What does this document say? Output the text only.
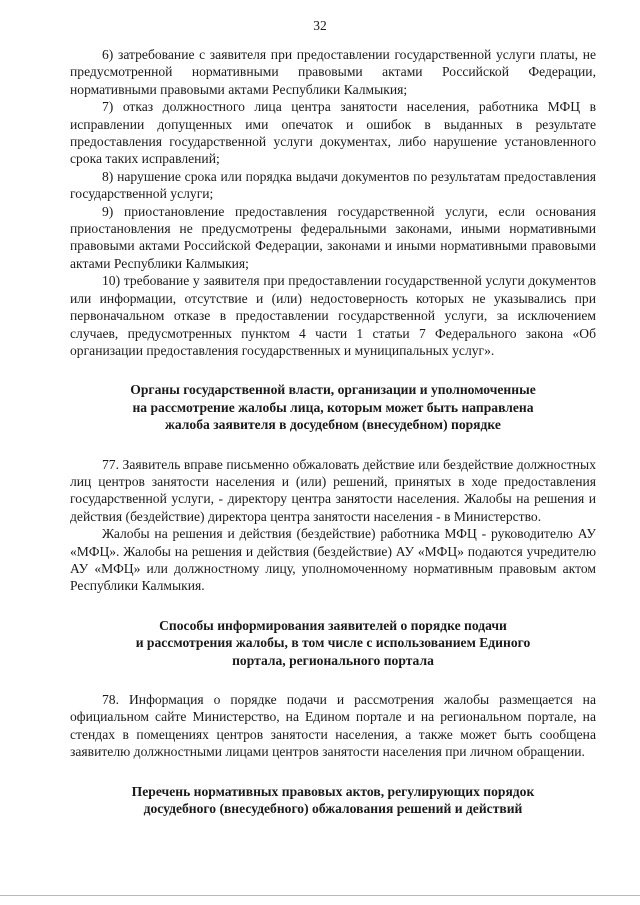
32

6) затребование с заявителя при предоставлении государственной услуги платы, не предусмотренной нормативными правовыми актами Российской Федерации, нормативными правовыми актами Республики Калмыкия;

7) отказ должностного лица центра занятости населения, работника МФЦ в исправлении допущенных ими опечаток и ошибок в выданных в результате предоставления государственной услуги документах, либо нарушение установленного срока таких исправлений;

8) нарушение срока или порядка выдачи документов по результатам предоставления государственной услуги;

9) приостановление предоставления государственной услуги, если основания приостановления не предусмотрены федеральными законами, иными нормативными правовыми актами Российской Федерации, законами и иными нормативными правовыми актами Республики Калмыкия;

10) требование у заявителя при предоставлении государственной услуги документов или информации, отсутствие и (или) недостоверность которых не указывались при первоначальном отказе в предоставлении государственной услуги, за исключением случаев, предусмотренных пунктом 4 части 1 статьи 7 Федерального закона «Об организации предоставления государственных и муниципальных услуг».

Органы государственной власти, организации и уполномоченные
на рассмотрение жалобы лица, которым может быть направлена
жалоба заявителя в досудебном (внесудебном) порядке

77. Заявитель вправе письменно обжаловать действие или бездействие должностных лиц центров занятости населения и (или) решений, принятых в ходе предоставления государственной услуги, - директору центра занятости населения. Жалобы на решения и действия (бездействие) директора центра занятости населения - в Министерство.

Жалобы на решения и действия (бездействие) работника МФЦ - руководителю АУ «МФЦ». Жалобы на решения и действия (бездействие) АУ «МФЦ» подаются учредителю АУ «МФЦ» или должностному лицу, уполномоченному нормативным правовым актом Республики Калмыкия.

Способы информирования заявителей о порядке подачи
и рассмотрения жалобы, в том числе с использованием Единого
портала, регионального портала

78. Информация о порядке подачи и рассмотрения жалобы размещается на официальном сайте Министерство, на Едином портале и на региональном портале, на стендах в помещениях центров занятости населения, а также может быть сообщена заявителю должностными лицами центров занятости населения при личном обращении.

Перечень нормативных правовых актов, регулирующих порядок
досудебного (внесудебного) обжалования решений и действий
